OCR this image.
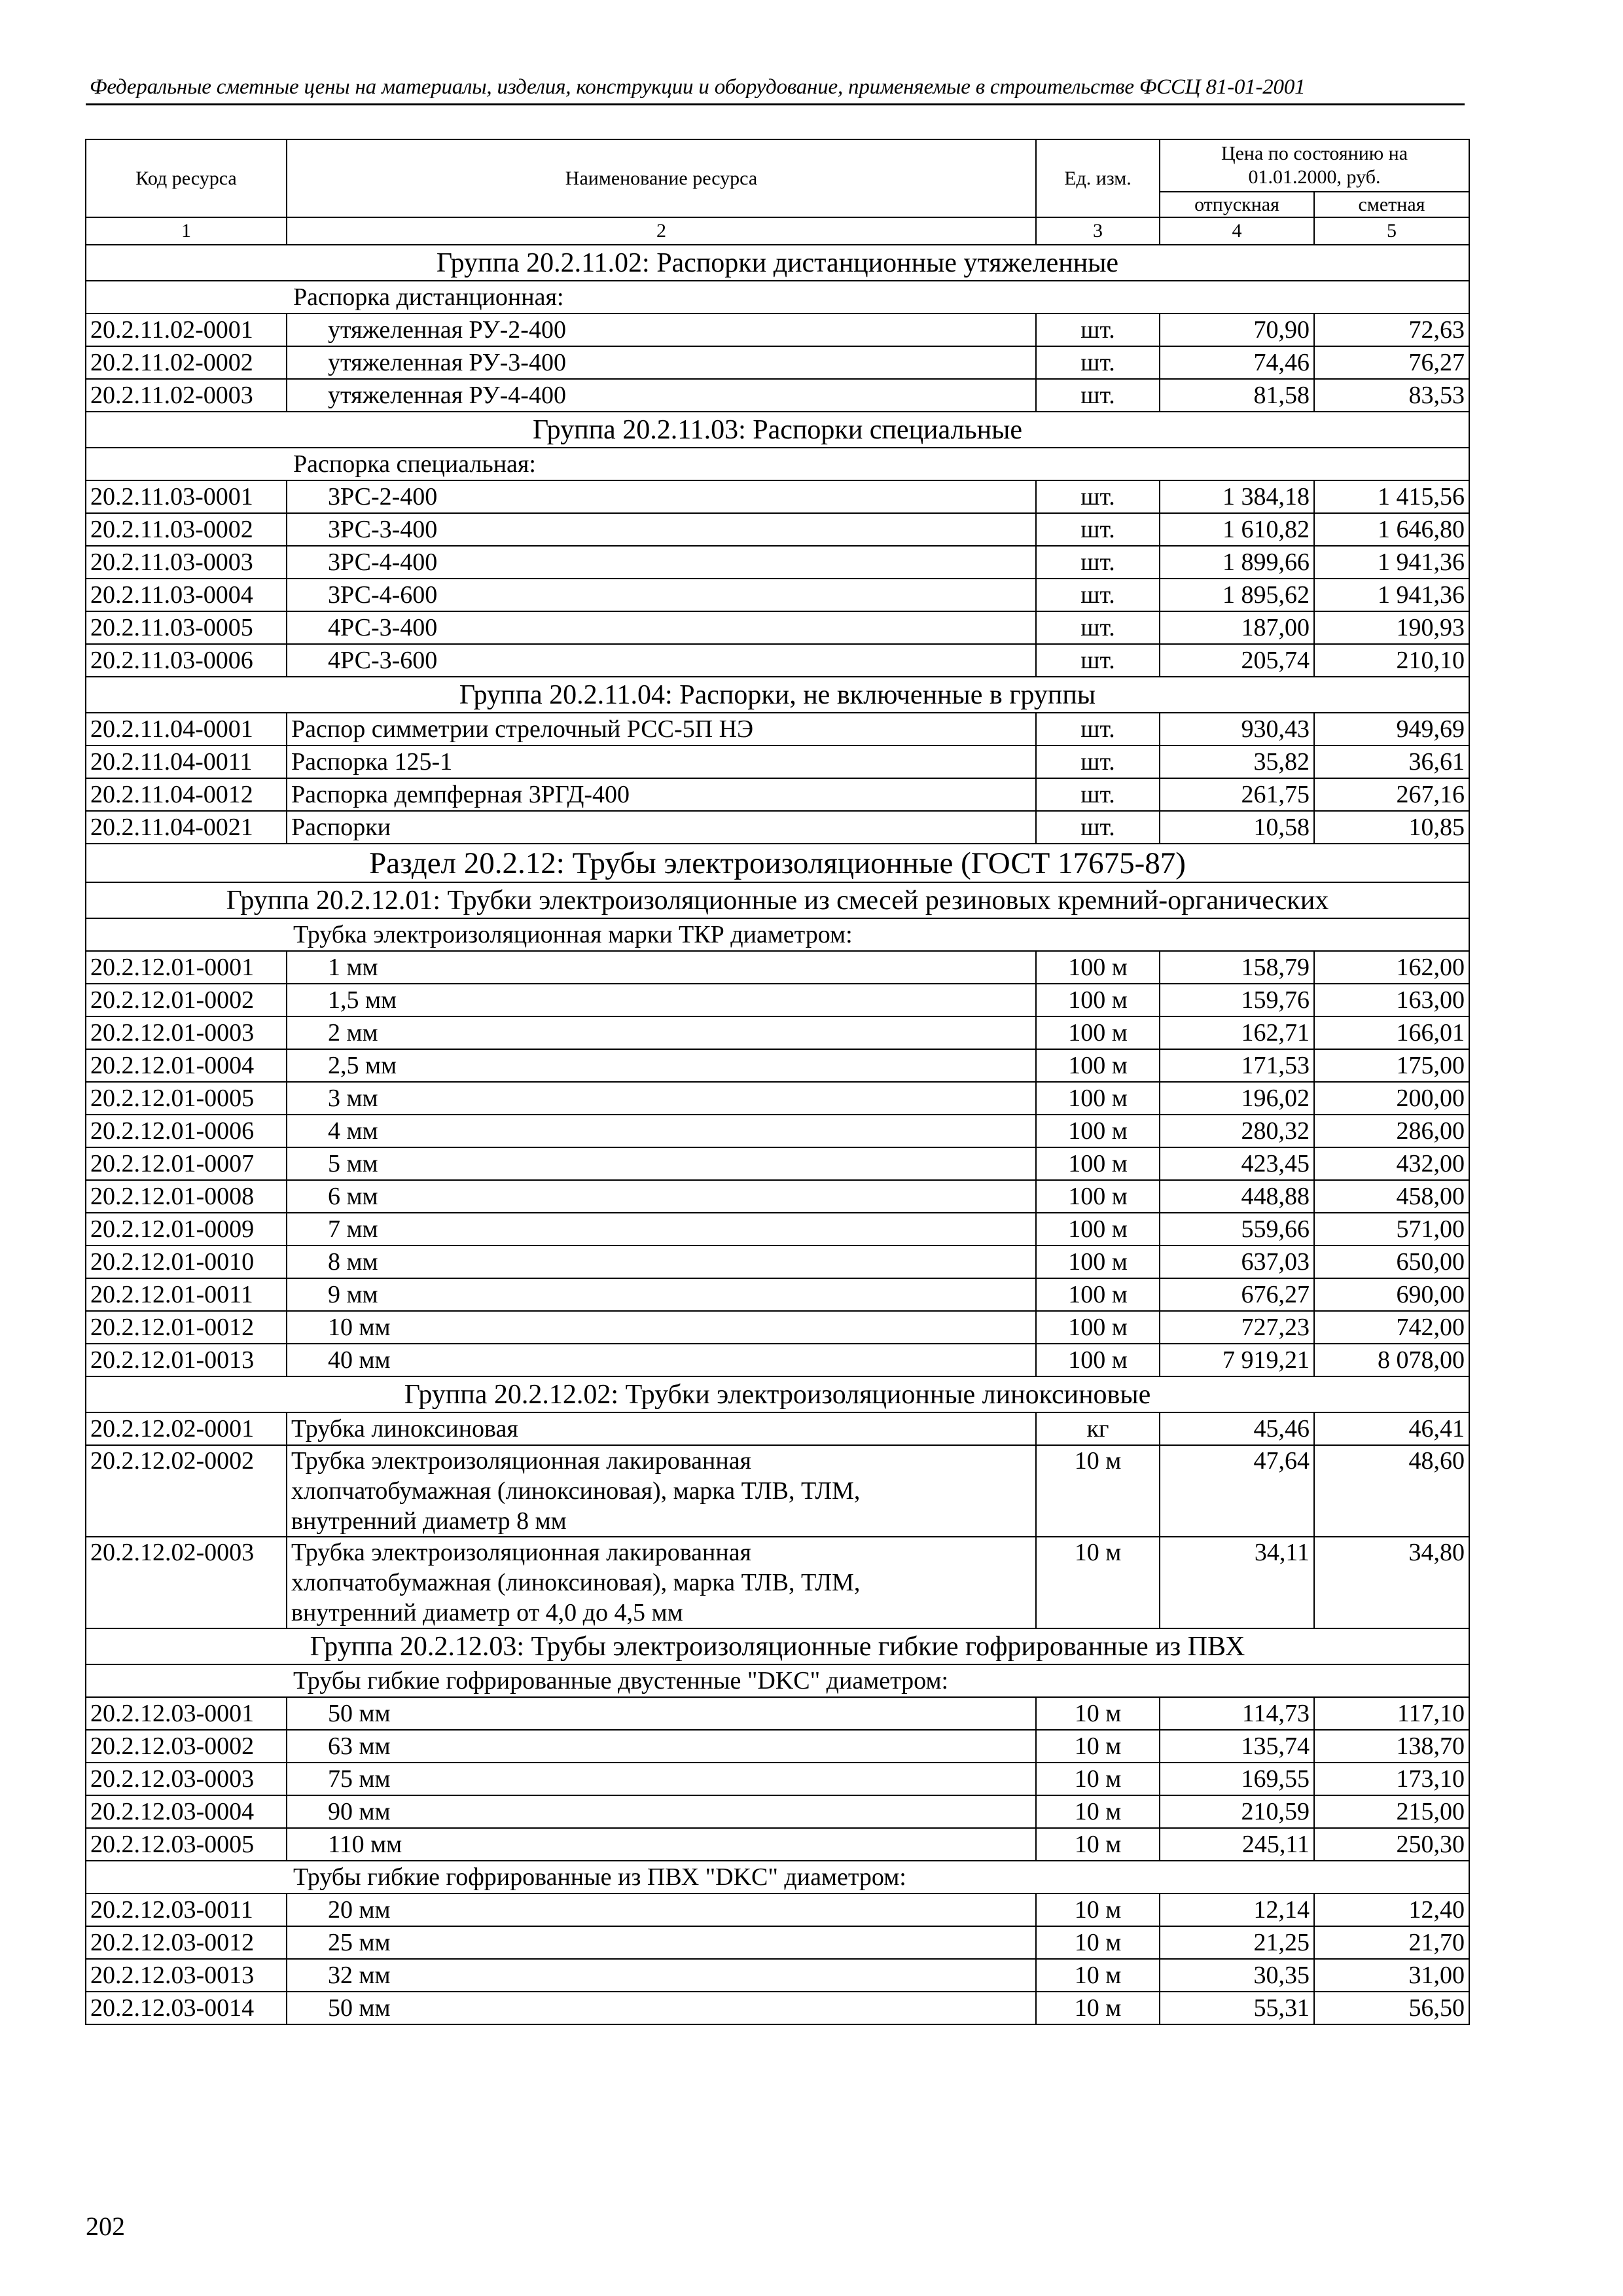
Федеральные сметные цены на материалы, изделия, конструкции и оборудование, применяемые в строительстве ФССЦ 81-01-2001
Код ресурса	Наименование ресурса	Ед. изм.	Цена по состоянию на 01.01.2000, руб.	
			отпускная	сметная
1	2	3	4	5
Группа 20.2.11.02: Распорки дистанционные утяжеленные				
Распорка дистанционная:				
20.2.11.02-0001	утяжеленная РУ-2-400	шт.	70,90	72,63
20.2.11.02-0002	утяжеленная РУ-3-400	шт.	74,46	76,27
20.2.11.02-0003	утяжеленная РУ-4-400	шт.	81,58	83,53
Группа 20.2.11.03: Распорки специальные				
Распорка специальная:				
20.2.11.03-0001	3РС-2-400	шт.	1 384,18	1 415,56
20.2.11.03-0002	3РС-3-400	шт.	1 610,82	1 646,80
20.2.11.03-0003	3РС-4-400	шт.	1 899,66	1 941,36
20.2.11.03-0004	3РС-4-600	шт.	1 895,62	1 941,36
20.2.11.03-0005	4РС-3-400	шт.	187,00	190,93
20.2.11.03-0006	4РС-3-600	шт.	205,74	210,10
Группа 20.2.11.04: Распорки, не включенные в группы				
20.2.11.04-0001	Распор симметрии стрелочный РСС-5П НЭ	шт.	930,43	949,69
20.2.11.04-0011	Распорка 125-1	шт.	35,82	36,61
20.2.11.04-0012	Распорка демпферная 3РГД-400	шт.	261,75	267,16
20.2.11.04-0021	Распорки	шт.	10,58	10,85
Раздел 20.2.12: Трубы электроизоляционные (ГОСТ 17675-87)				
Группа 20.2.12.01: Трубки электроизоляционные из смесей резиновых кремний-органических				
Трубка электроизоляционная марки ТКР диаметром:				
20.2.12.01-0001	1 мм	100 м	158,79	162,00
20.2.12.01-0002	1,5 мм	100 м	159,76	163,00
20.2.12.01-0003	2 мм	100 м	162,71	166,01
20.2.12.01-0004	2,5 мм	100 м	171,53	175,00
20.2.12.01-0005	3 мм	100 м	196,02	200,00
20.2.12.01-0006	4 мм	100 м	280,32	286,00
20.2.12.01-0007	5 мм	100 м	423,45	432,00
20.2.12.01-0008	6 мм	100 м	448,88	458,00
20.2.12.01-0009	7 мм	100 м	559,66	571,00
20.2.12.01-0010	8 мм	100 м	637,03	650,00
20.2.12.01-0011	9 мм	100 м	676,27	690,00
20.2.12.01-0012	10 мм	100 м	727,23	742,00
20.2.12.01-0013	40 мм	100 м	7 919,21	8 078,00
Группа 20.2.12.02: Трубки электроизоляционные линоксиновые				
20.2.12.02-0001	Трубка линоксиновая	кг	45,46	46,41
20.2.12.02-0002	Трубка электроизоляционная лакированная
хлопчатобумажная (линоксиновая), марка ТЛВ, ТЛМ,
внутренний диаметр 8 мм	10 м	47,64	48,60
20.2.12.02-0003	Трубка электроизоляционная лакированная
хлопчатобумажная (линоксиновая), марка ТЛВ, ТЛМ,
внутренний диаметр от 4,0 до 4,5 мм	10 м	34,11	34,80
Группа 20.2.12.03: Трубы электроизоляционные гибкие гофрированные из ПВХ				
Трубы гибкие гофрированные двустенные "DKC" диаметром:				
20.2.12.03-0001	50 мм	10 м	114,73	117,10
20.2.12.03-0002	63 мм	10 м	135,74	138,70
20.2.12.03-0003	75 мм	10 м	169,55	173,10
20.2.12.03-0004	90 мм	10 м	210,59	215,00
20.2.12.03-0005	110 мм	10 м	245,11	250,30
Трубы гибкие гофрированные из ПВХ "DKC" диаметром:				
20.2.12.03-0011	20 мм	10 м	12,14	12,40
20.2.12.03-0012	25 мм	10 м	21,25	21,70
20.2.12.03-0013	32 мм	10 м	30,35	31,00
20.2.12.03-0014	50 мм	10 м	55,31	56,50
202
